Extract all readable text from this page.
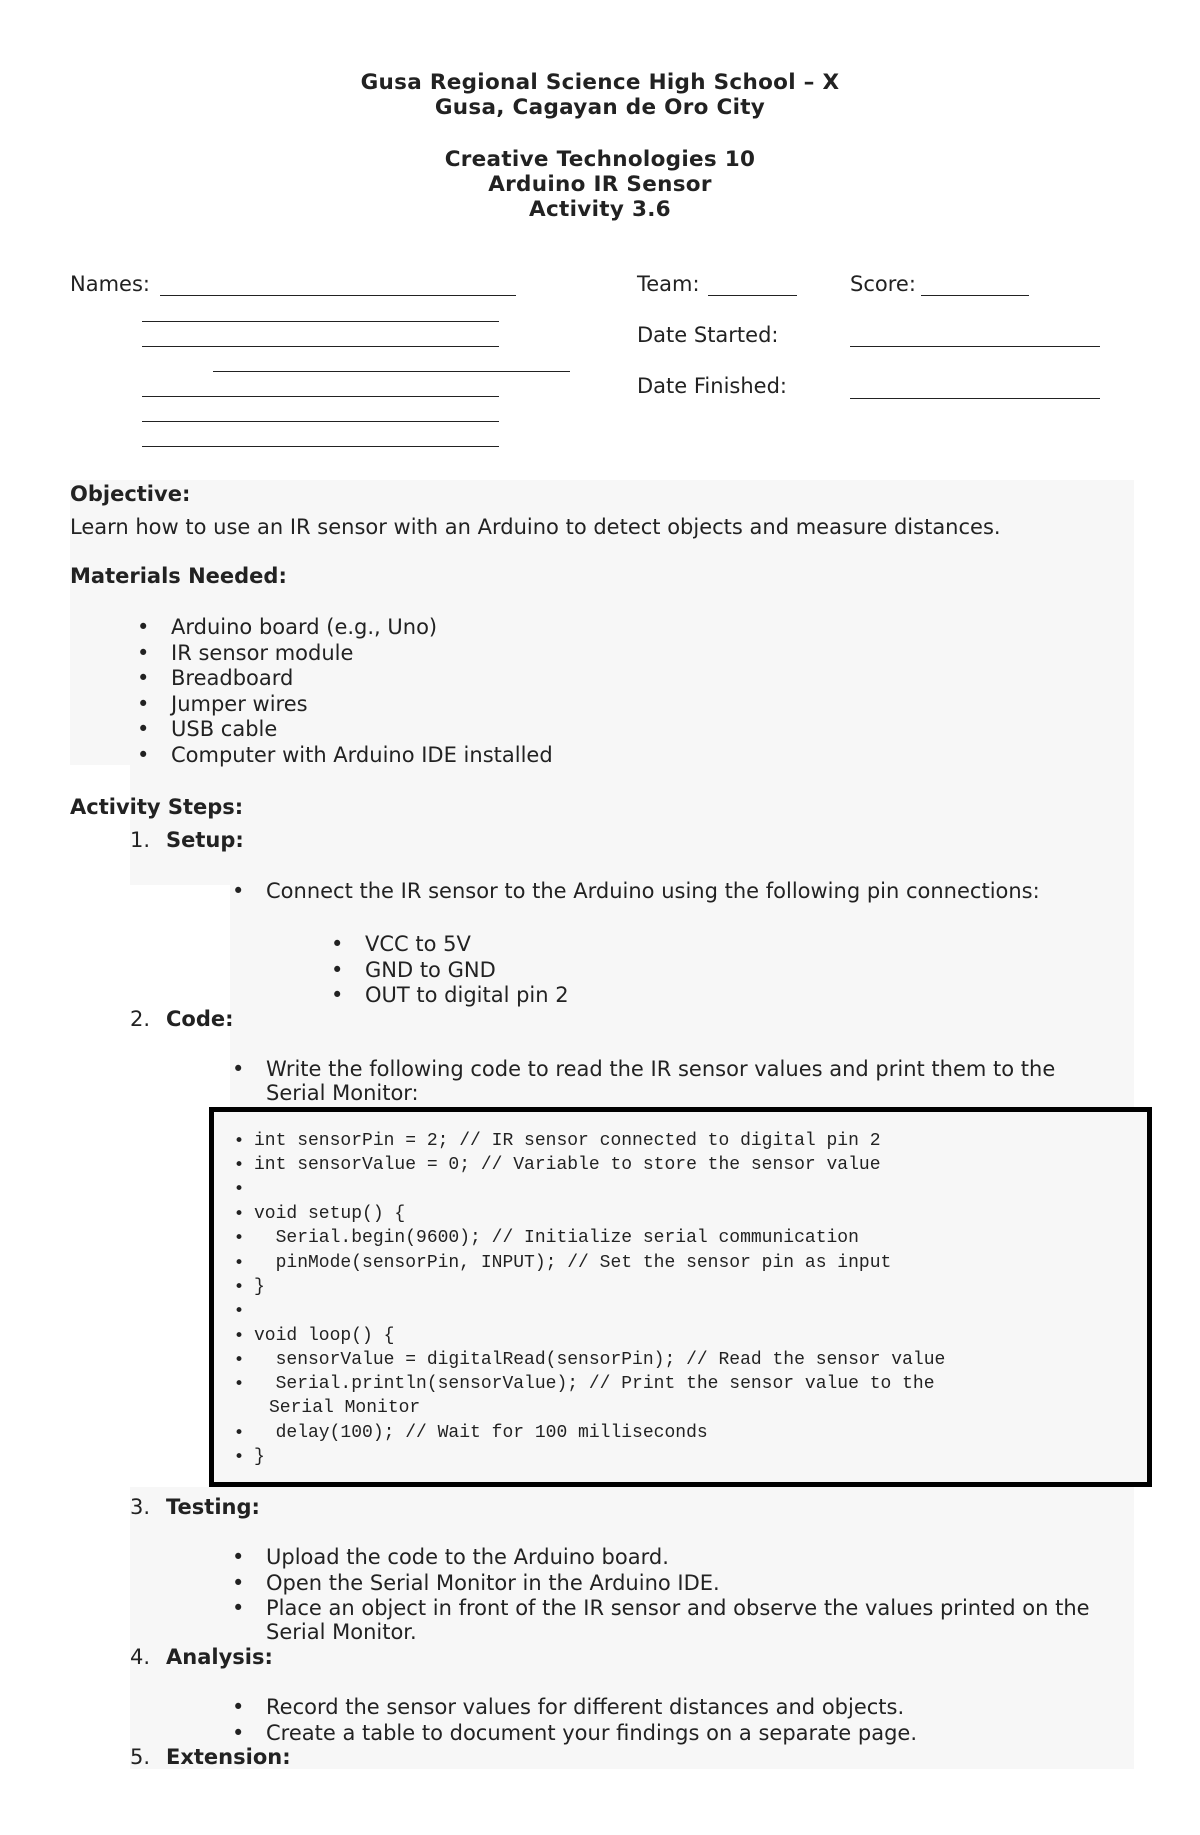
Gusa Regional Science High School – X
Gusa, Cagayan de Oro City
Creative Technologies 10
Arduino IR Sensor
Activity 3.6
Names:	Team:	Score:
Date Started:
Date Finished:
Objective:
Learn how to use an IR sensor with an Arduino to detect objects and measure distances.
Materials Needed:
• Arduino board (e.g., Uno)
• IR sensor module
• Breadboard
• Jumper wires
• USB cable
• Computer with Arduino IDE installed
Activity Steps:
1. Setup:
• Connect the IR sensor to the Arduino using the following pin connections:
• VCC to 5V
• GND to GND
• OUT to digital pin 2
2. Code:
• Write the following code to read the IR sensor values and print them to the Serial Monitor:
• int sensorPin = 2; // IR sensor connected to digital pin 2
• int sensorValue = 0; // Variable to store the sensor value
•
• void setup() {
• Serial.begin(9600); // Initialize serial communication
• pinMode(sensorPin, INPUT); // Set the sensor pin as input
• }
•
• void loop() {
• sensorValue = digitalRead(sensorPin); // Read the sensor value
• Serial.println(sensorValue); // Print the sensor value to the
Serial Monitor
• delay(100); // Wait for 100 milliseconds
• }
3. Testing:
• Upload the code to the Arduino board.
• Open the Serial Monitor in the Arduino IDE.
• Place an object in front of the IR sensor and observe the values printed on the Serial Monitor.
4. Analysis:
• Record the sensor values for different distances and objects.
• Create a table to document your findings on a separate page.
5. Extension:
